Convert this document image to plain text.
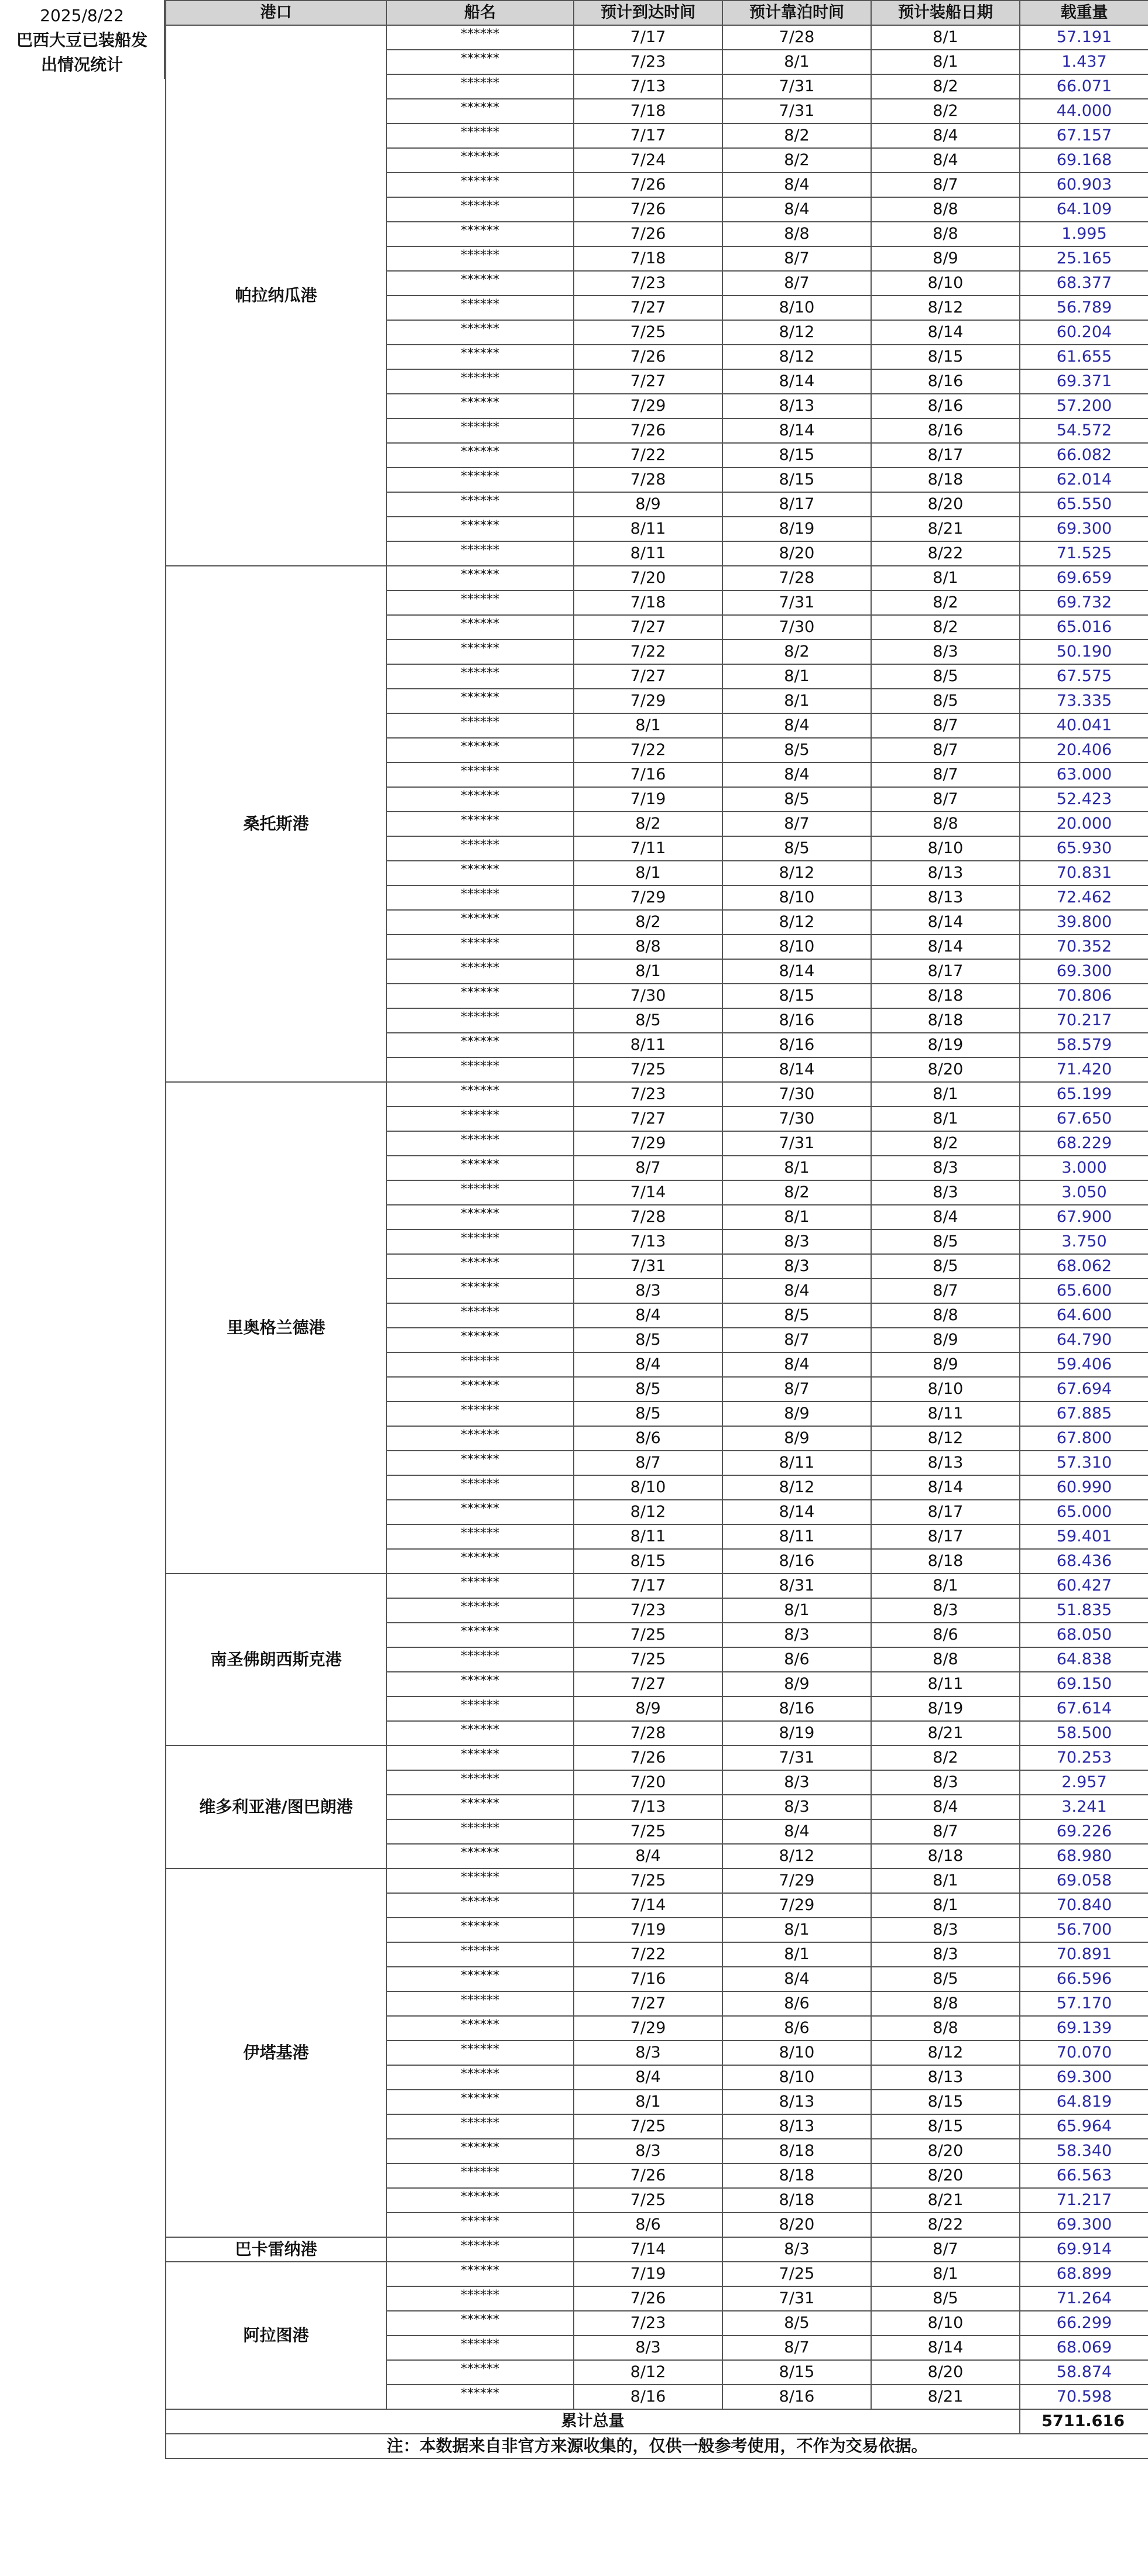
2025/8/22
巴西大豆已装船发
出情况统计
港口	船名	预计到达时间	预计靠泊时间	预计装船日期	载重量
帕拉纳瓜港	******	7/17	7/28	8/1	57.191
	******	7/23	8/1	8/1	1.437
	******	7/13	7/31	8/2	66.071
	******	7/18	7/31	8/2	44.000
	******	7/17	8/2	8/4	67.157
	******	7/24	8/2	8/4	69.168
	******	7/26	8/4	8/7	60.903
	******	7/26	8/4	8/8	64.109
	******	7/26	8/8	8/8	1.995
	******	7/18	8/7	8/9	25.165
	******	7/23	8/7	8/10	68.377
	******	7/27	8/10	8/12	56.789
	******	7/25	8/12	8/14	60.204
	******	7/26	8/12	8/15	61.655
	******	7/27	8/14	8/16	69.371
	******	7/29	8/13	8/16	57.200
	******	7/26	8/14	8/16	54.572
	******	7/22	8/15	8/17	66.082
	******	7/28	8/15	8/18	62.014
	******	8/9	8/17	8/20	65.550
	******	8/11	8/19	8/21	69.300
	******	8/11	8/20	8/22	71.525
桑托斯港	******	7/20	7/28	8/1	69.659
	******	7/18	7/31	8/2	69.732
	******	7/27	7/30	8/2	65.016
	******	7/22	8/2	8/3	50.190
	******	7/27	8/1	8/5	67.575
	******	7/29	8/1	8/5	73.335
	******	8/1	8/4	8/7	40.041
	******	7/22	8/5	8/7	20.406
	******	7/16	8/4	8/7	63.000
	******	7/19	8/5	8/7	52.423
	******	8/2	8/7	8/8	20.000
	******	7/11	8/5	8/10	65.930
	******	8/1	8/12	8/13	70.831
	******	7/29	8/10	8/13	72.462
	******	8/2	8/12	8/14	39.800
	******	8/8	8/10	8/14	70.352
	******	8/1	8/14	8/17	69.300
	******	7/30	8/15	8/18	70.806
	******	8/5	8/16	8/18	70.217
	******	8/11	8/16	8/19	58.579
	******	7/25	8/14	8/20	71.420
里奥格兰德港	******	7/23	7/30	8/1	65.199
	******	7/27	7/30	8/1	67.650
	******	7/29	7/31	8/2	68.229
	******	8/7	8/1	8/3	3.000
	******	7/14	8/2	8/3	3.050
	******	7/28	8/1	8/4	67.900
	******	7/13	8/3	8/5	3.750
	******	7/31	8/3	8/5	68.062
	******	8/3	8/4	8/7	65.600
	******	8/4	8/5	8/8	64.600
	******	8/5	8/7	8/9	64.790
	******	8/4	8/4	8/9	59.406
	******	8/5	8/7	8/10	67.694
	******	8/5	8/9	8/11	67.885
	******	8/6	8/9	8/12	67.800
	******	8/7	8/11	8/13	57.310
	******	8/10	8/12	8/14	60.990
	******	8/12	8/14	8/17	65.000
	******	8/11	8/11	8/17	59.401
	******	8/15	8/16	8/18	68.436
南圣佛朗西斯克港	******	7/17	8/31	8/1	60.427
	******	7/23	8/1	8/3	51.835
	******	7/25	8/3	8/6	68.050
	******	7/25	8/6	8/8	64.838
	******	7/27	8/9	8/11	69.150
	******	8/9	8/16	8/19	67.614
	******	7/28	8/19	8/21	58.500
维多利亚港/图巴朗港	******	7/26	7/31	8/2	70.253
	******	7/20	8/3	8/3	2.957
	******	7/13	8/3	8/4	3.241
	******	7/25	8/4	8/7	69.226
	******	8/4	8/12	8/18	68.980
伊塔基港	******	7/25	7/29	8/1	69.058
	******	7/14	7/29	8/1	70.840
	******	7/19	8/1	8/3	56.700
	******	7/22	8/1	8/3	70.891
	******	7/16	8/4	8/5	66.596
	******	7/27	8/6	8/8	57.170
	******	7/29	8/6	8/8	69.139
	******	8/3	8/10	8/12	70.070
	******	8/4	8/10	8/13	69.300
	******	8/1	8/13	8/15	64.819
	******	7/25	8/13	8/15	65.964
	******	8/3	8/18	8/20	58.340
	******	7/26	8/18	8/20	66.563
	******	7/25	8/18	8/21	71.217
	******	8/6	8/20	8/22	69.300
巴卡雷纳港	******	7/14	8/3	8/7	69.914
阿拉图港	******	7/19	7/25	8/1	68.899
	******	7/26	7/31	8/5	71.264
	******	7/23	8/5	8/10	66.299
	******	8/3	8/7	8/14	68.069
	******	8/12	8/15	8/20	58.874
	******	8/16	8/16	8/21	70.598
累计总量					5711.616
注：本数据来自非官方来源收集的，仅供一般参考使用，不作为交易依据。					
